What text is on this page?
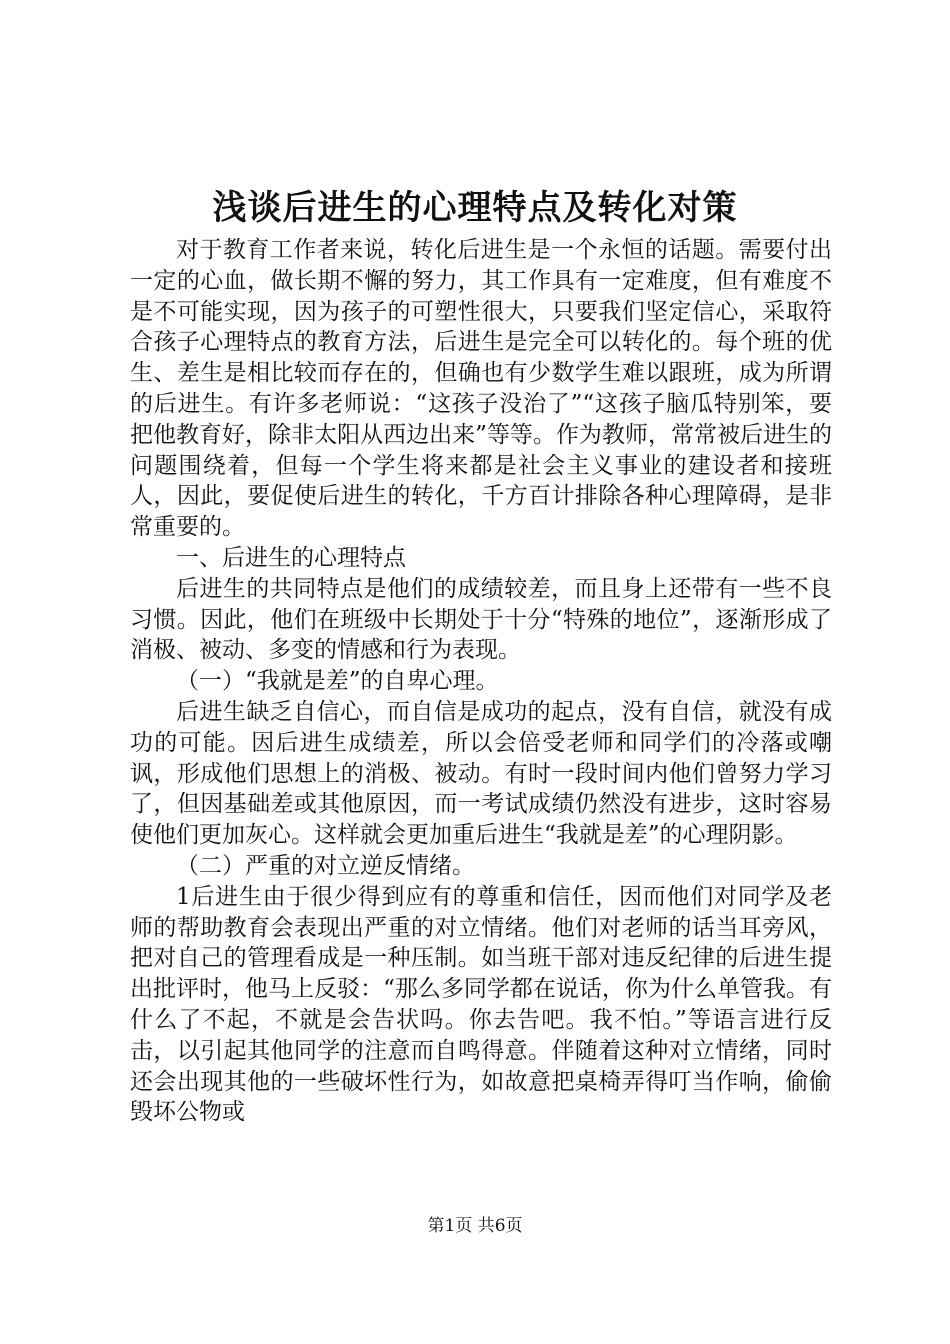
浅谈后进生的心理特点及转化对策

对于教育工作者来说，转化后进生是一个永恒的话题。需要付出一定的心血，做长期不懈的努力，其工作具有一定难度，但有难度不是不可能实现，因为孩子的可塑性很大，只要我们坚定信心，采取符合孩子心理特点的教育方法，后进生是完全可以转化的。每个班的优生、差生是相比较而存在的，但确也有少数学生难以跟班，成为所谓的后进生。有许多老师说：“这孩子没治了”“这孩子脑瓜特别笨，要把他教育好，除非太阳从西边出来”等等。作为教师，常常被后进生的问题围绕着，但每一个学生将来都是社会主义事业的建设者和接班人，因此，要促使后进生的转化，千方百计排除各种心理障碍，是非常重要的。

一、后进生的心理特点

后进生的共同特点是他们的成绩较差，而且身上还带有一些不良习惯。因此，他们在班级中长期处于十分“特殊的地位”，逐渐形成了消极、被动、多变的情感和行为表现。

（一）“我就是差”的自卑心理。

后进生缺乏自信心，而自信是成功的起点，没有自信，就没有成功的可能。因后进生成绩差，所以会倍受老师和同学们的冷落或嘲讽，形成他们思想上的消极、被动。有时一段时间内他们曾努力学习了，但因基础差或其他原因，而一考试成绩仍然没有进步，这时容易使他们更加灰心。这样就会更加重后进生“我就是差”的心理阴影。

（二）严重的对立逆反情绪。

1后进生由于很少得到应有的尊重和信任，因而他们对同学及老师的帮助教育会表现出严重的对立情绪。他们对老师的话当耳旁风，把对自己的管理看成是一种压制。如当班干部对违反纪律的后进生提出批评时，他马上反驳：“那么多同学都在说话，你为什么单管我。有什么了不起，不就是会告状吗。你去告吧。我不怕。”等语言进行反击，以引起其他同学的注意而自鸣得意。伴随着这种对立情绪，同时还会出现其他的一些破坏性行为，如故意把桌椅弄得叮当作响，偷偷毁坏公物或

第1页 共6页
